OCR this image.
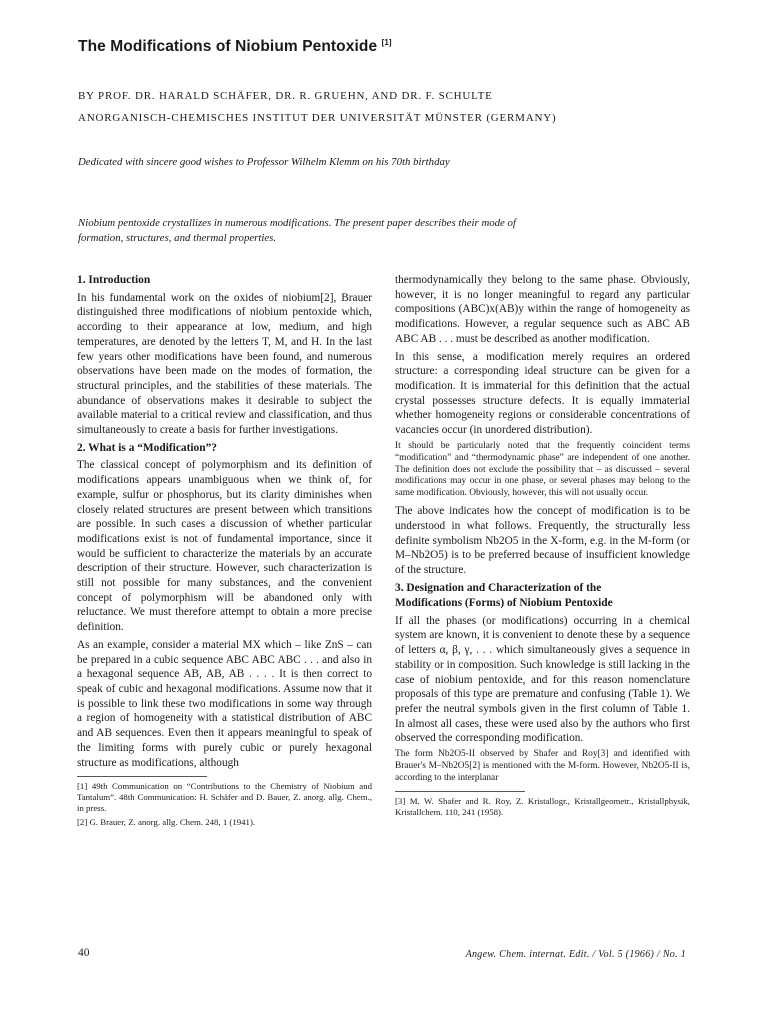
The Modifications of Niobium Pentoxide [1]
BY PROF. DR. HARALD SCHÄFER, DR. R. GRUEHN, AND DR. F. SCHULTE
ANORGANISCH-CHEMISCHES INSTITUT DER UNIVERSITÄT MÜNSTER (GERMANY)
Dedicated with sincere good wishes to Professor Wilhelm Klemm on his 70th birthday
Niobium pentoxide crystallizes in numerous modifications. The present paper describes their mode of formation, structures, and thermal properties.

1. Introduction

In his fundamental work on the oxides of niobium[2], Brauer distinguished three modifications of niobium pentoxide which, according to their appearance at low, medium, and high temperatures, are denoted by the letters T, M, and H. In the last few years other modifications have been found, and numerous observations have been made on the modes of formation, the structural principles, and the stabilities of these materials. The abundance of observations makes it desirable to subject the available material to a critical review and classification, and thus simultaneously to create a basis for further investigations.

2. What is a “Modification”?

The classical concept of polymorphism and its definition of modifications appears unambiguous when we think of, for example, sulfur or phosphorus, but its clarity diminishes when closely related structures are present between which transitions are possible. In such cases a discussion of whether particular modifications exist is not of fundamental importance, since it would be sufficient to characterize the materials by an accurate description of their structure. However, such characterization is still not possible for many substances, and the convenient concept of polymorphism will be abandoned only with reluctance. We must therefore attempt to obtain a more precise definition.

As an example, consider a material MX which – like ZnS – can be prepared in a cubic sequence ABC ABC ABC . . . and also in a hexagonal sequence AB, AB, AB . . . . It is then correct to speak of cubic and hexagonal modifications. Assume now that it is possible to link these two modifications in some way through a region of homogeneity with a statistical distribution of ABC and AB sequences. Even then it appears meaningful to speak of the limiting forms with purely cubic or purely hexagonal structure as modifications, although

[1] 49th Communication on “Contributions to the Chemistry of Niobium and Tantalum”. 48th Communication: H. Schäfer and D. Bauer, Z. anorg. allg. Chem., in press.

[2] G. Brauer, Z. anorg. allg. Chem. 248, 1 (1941).

thermodynamically they belong to the same phase. Obviously, however, it is no longer meaningful to regard any particular compositions (ABC)x(AB)y within the range of homogeneity as modifications. However, a regular sequence such as ABC AB ABC AB . . . must be described as another modification.

In this sense, a modification merely requires an ordered structure: a corresponding ideal structure can be given for a modification. It is immaterial for this definition that the actual crystal possesses structure defects. It is equally immaterial whether homogeneity regions or considerable concentrations of vacancies occur (in unordered distribution).

It should be particularly noted that the frequently coincident terms “modification” and “thermodynamic phase” are independent of one another. The definition does not exclude the possibility that – as discussed – several modifications may occur in one phase, or several phases may belong to the same modification. Obviously, however, this will not usually occur.

The above indicates how the concept of modification is to be understood in what follows. Frequently, the structurally less definite symbolism Nb2O5 in the X-form, e.g. in the M-form (or M–Nb2O5) is to be preferred because of insufficient knowledge of the structure.

3. Designation and Characterization of the
Modifications (Forms) of Niobium Pentoxide

If all the phases (or modifications) occurring in a chemical system are known, it is convenient to denote these by a sequence of letters α, β, γ, . . . which simultaneously gives a sequence in stability or in composition. Such knowledge is still lacking in the case of niobium pentoxide, and for this reason nomenclature proposals of this type are premature and confusing (Table 1). We prefer the neutral symbols given in the first column of Table 1. In almost all cases, these were used also by the authors who first observed the corresponding modification.

The form Nb2O5-II observed by Shafer and Roy[3] and identified with Brauer's M–Nb2O5[2] is mentioned with the M-form. However, Nb2O5-II is, according to the interplanar

[3] M. W. Shafer and R. Roy, Z. Kristallogr., Kristallgeometr., Kristallphysik, Kristallchem. 110, 241 (1958).

40	Angew. Chem. internat. Edit. / Vol. 5 (1966) / No. 1
